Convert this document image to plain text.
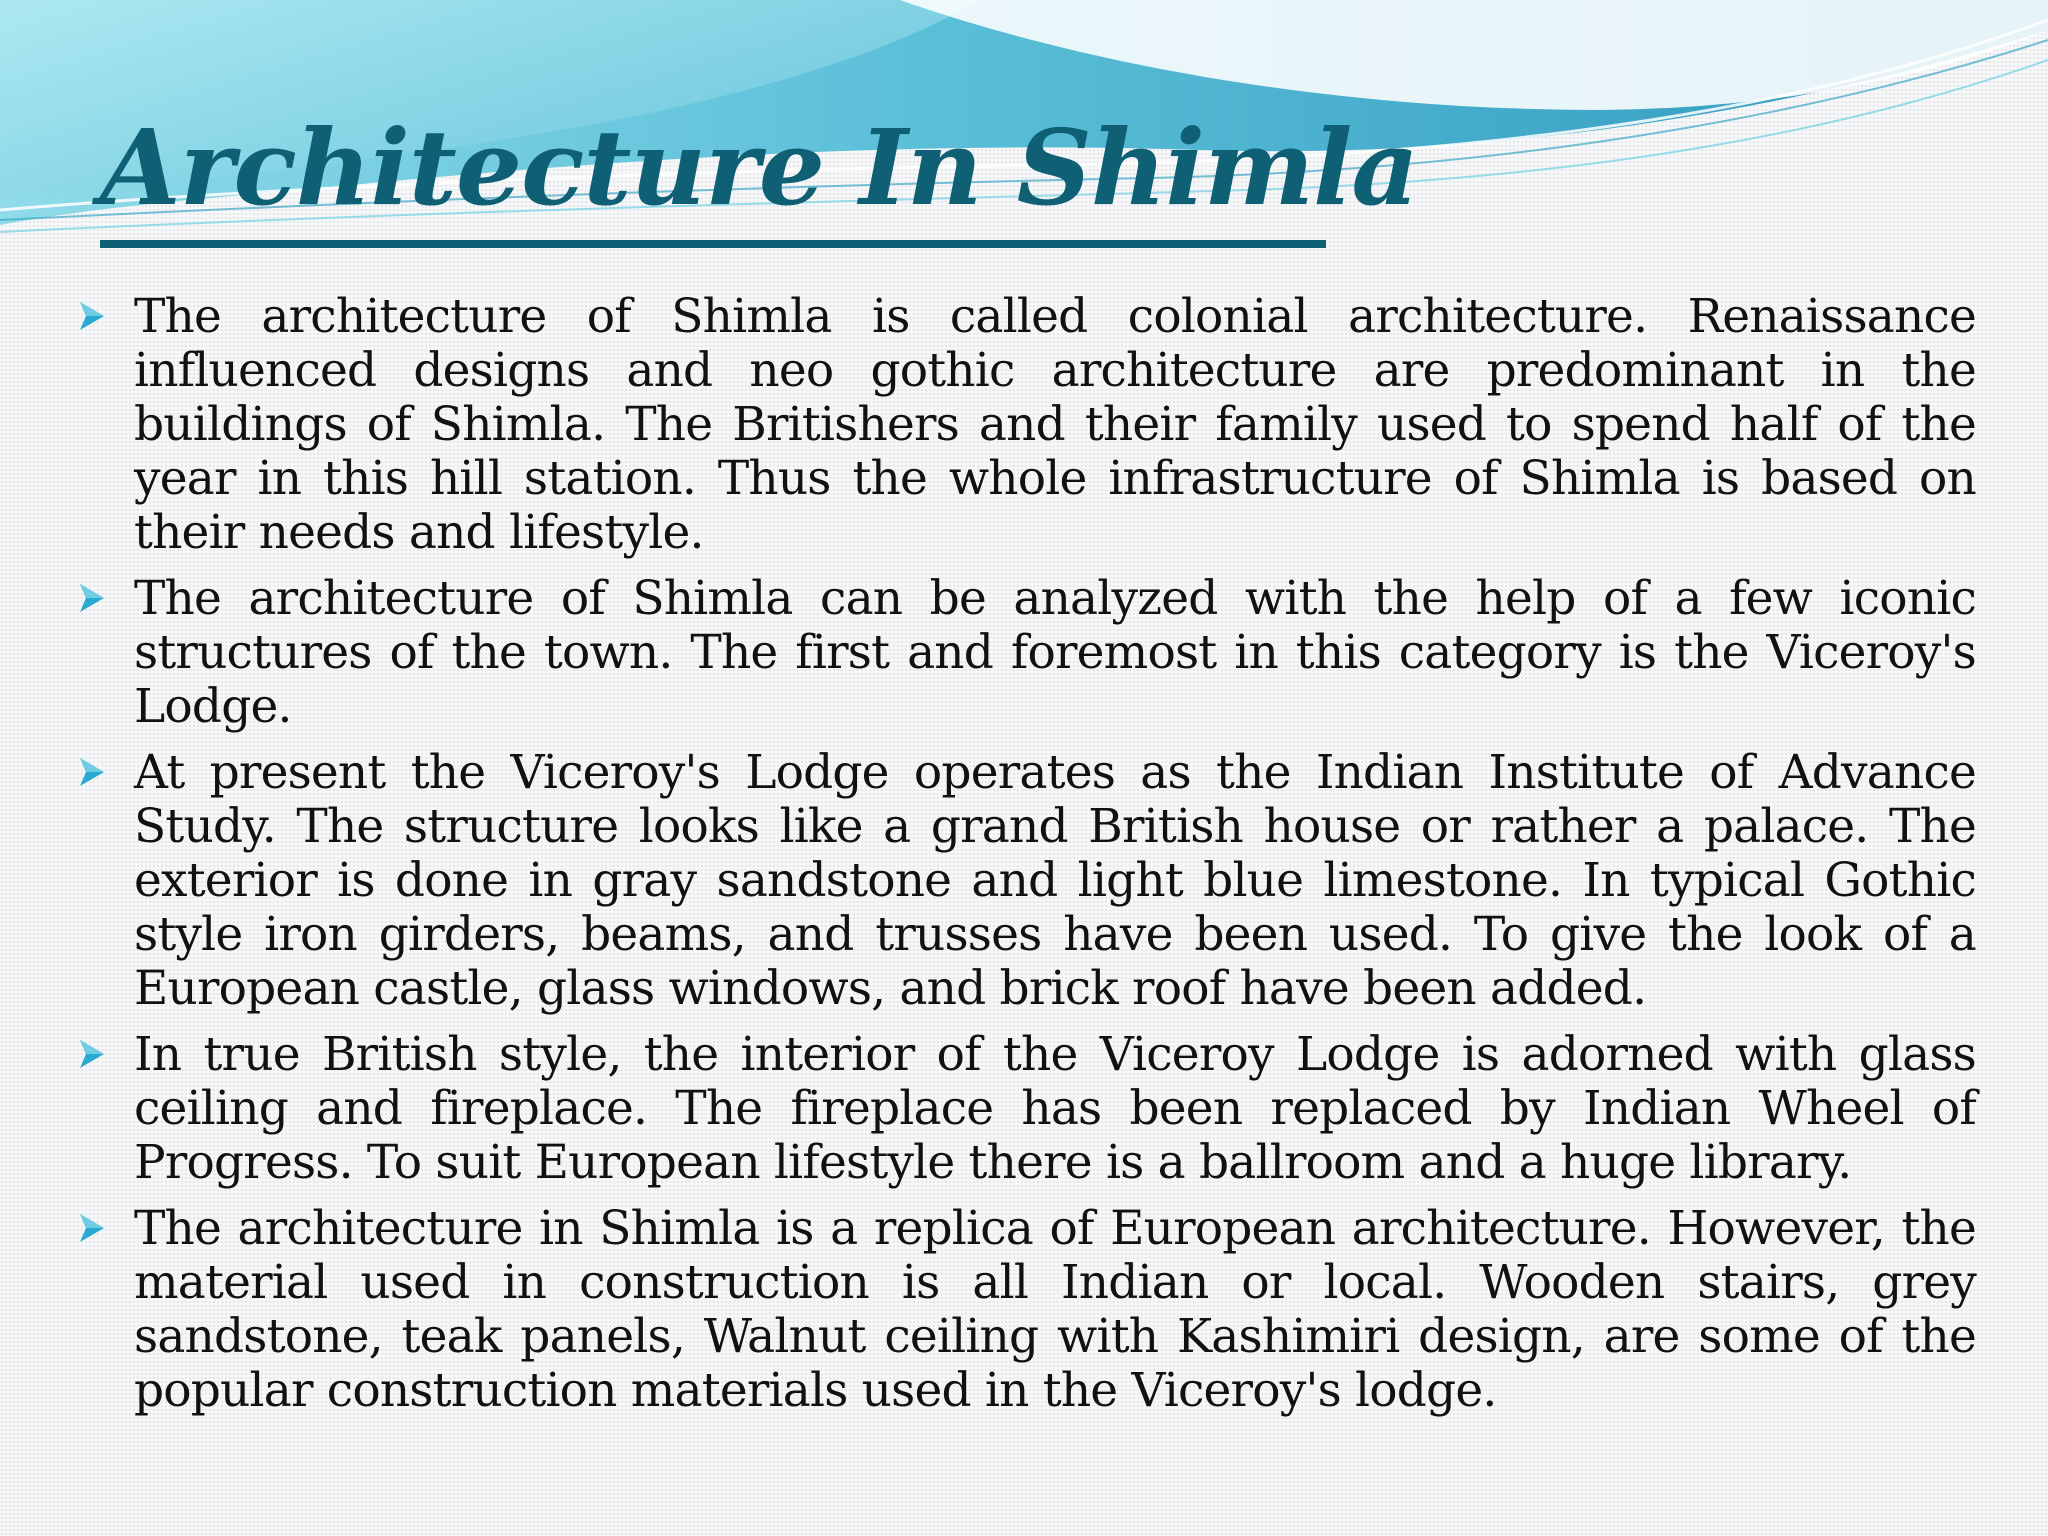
Architecture In Shimla
The architecture of Shimla is called colonial architecture. Renaissance influenced designs and neo gothic architecture are predominant in the buildings of Shimla. The Britishers and their family used to spend half of the year in this hill station. Thus the whole infrastructure of Shimla is based on their needs and lifestyle.
The architecture of Shimla can be analyzed with the help of a few iconic structures of the town. The first and foremost in this category is the Viceroy's Lodge.
At present the Viceroy's Lodge operates as the Indian Institute of Advance Study. The structure looks like a grand British house or rather a palace. The exterior is done in gray sandstone and light blue limestone. In typical Gothic style iron girders, beams, and trusses have been used. To give the look of a European castle, glass windows, and brick roof have been added.
In true British style, the interior of the Viceroy Lodge is adorned with glass ceiling and fireplace. The fireplace has been replaced by Indian Wheel of Progress. To suit European lifestyle there is a ballroom and a huge library.
The architecture in Shimla is a replica of European architecture. However, the material used in construction is all Indian or local. Wooden stairs, grey sandstone, teak panels, Walnut ceiling with Kashimiri design, are some of the popular construction materials used in the Viceroy's lodge.
